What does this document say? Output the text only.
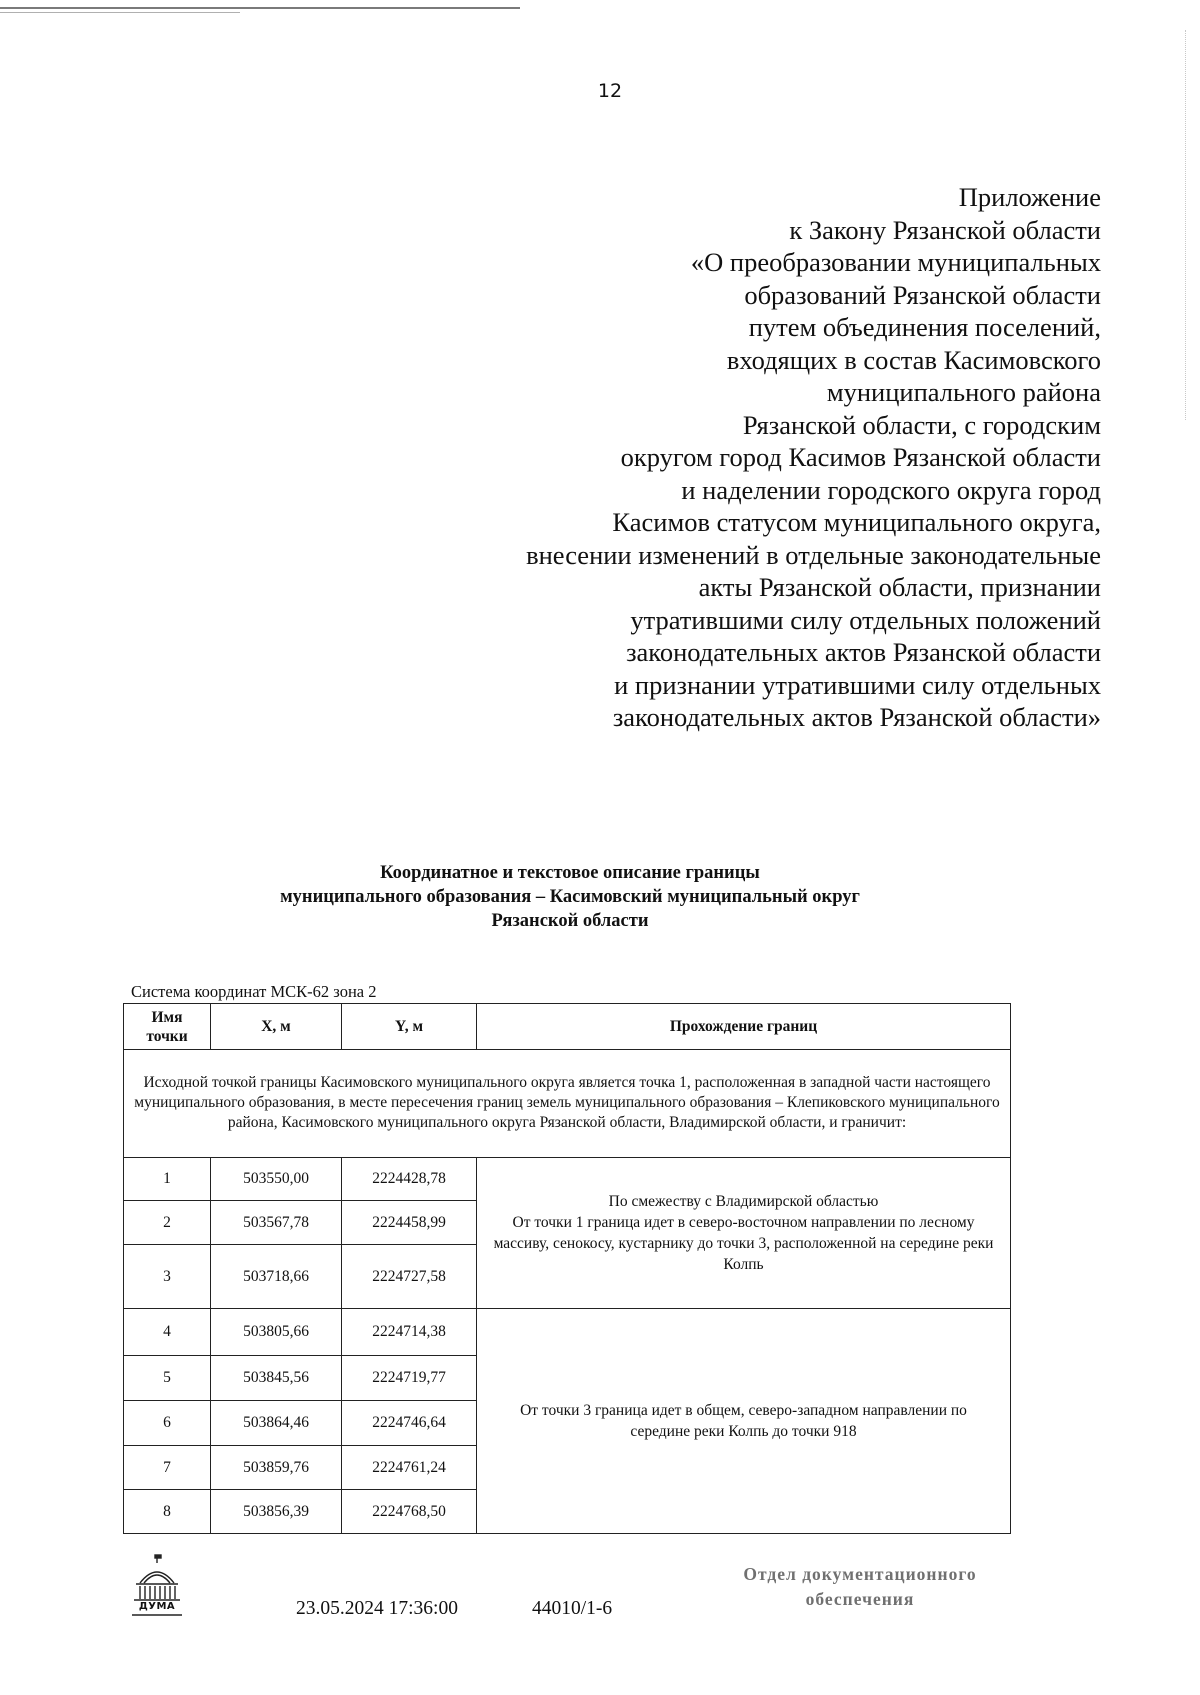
12
Приложение
к Закону Рязанской области
«О преобразовании муниципальных
образований Рязанской области
путем объединения поселений,
входящих в состав Касимовского
муниципального района
Рязанской области, с городским
округом город Касимов Рязанской области
и наделении городского округа город
Касимов статусом муниципального округа,
внесении изменений в отдельные законодательные
акты Рязанской области, признании
утратившими силу отдельных положений
законодательных актов Рязанской области
и признании утратившими силу отдельных
законодательных актов Рязанской области»
Координатное и текстовое описание границы
муниципального образования – Касимовский муниципальный округ
Рязанской области
Система координат МСК-62 зона 2
Имя точки	X, м	Y, м	Прохождение границ
Исходной точкой границы Касимовского муниципального округа является точка 1, расположенная в западной части настоящего муниципального образования, в месте пересечения границ земель муниципального образования – Клепиковского муниципального района, Касимовского муниципального округа Рязанской области, Владимирской области, и граничит:			
1	503550,00	2224428,78	По смежеству с Владимирской областью
От точки 1 граница идет в северо-восточном направлении по лесному массиву, сенокосу, кустарнику до точки 3, расположенной на середине реки Колпь

2	503567,78	2224458,99	
3	503718,66	2224727,58	
4	503805,66	2224714,38	От точки 3 граница идет в общем, северо-западном направлении по середине реки Колпь до точки 918

5	503845,56	2224719,77	
6	503864,46	2224746,64	
7	503859,76	2224761,24	
8	503856,39	2224768,50	
ДУМА	23.05.2024 17:36:00	44010/1-6
Отдел документационного
обеспечения
